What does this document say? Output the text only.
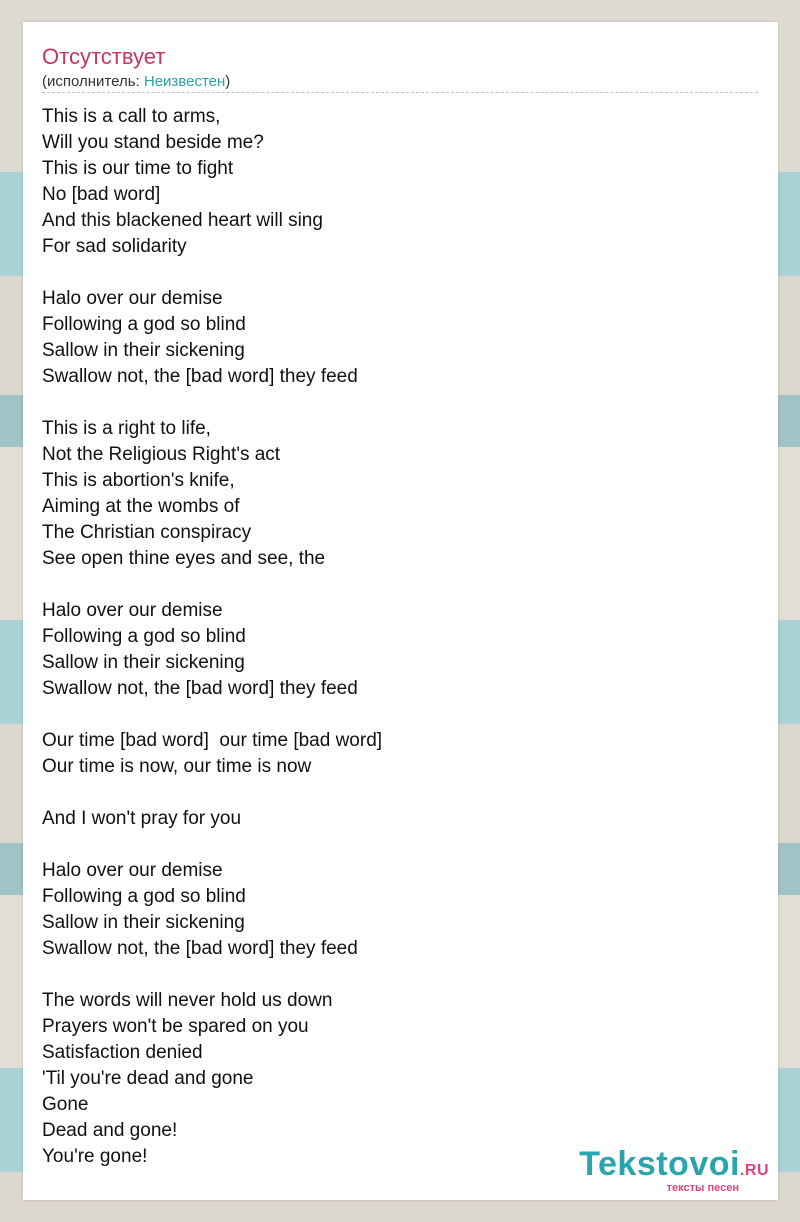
Отсутствует
(исполнитель: Неизвестен)
This is a call to arms,
Will you stand beside me?
This is our time to fight
No [bad word]
And this blackened heart will sing
For sad solidarity
Halo over our demise
Following a god so blind
Sallow in their sickening
Swallow not, the [bad word] they feed
This is a right to life,
Not the Religious Right's act
This is abortion's knife,
Aiming at the wombs of
The Christian conspiracy
See open thine eyes and see, the
Halo over our demise
Following a god so blind
Sallow in their sickening
Swallow not, the [bad word] they feed
Our time [bad word]  our time [bad word]
Our time is now, our time is now
And I won't pray for you
Halo over our demise
Following a god so blind
Sallow in their sickening
Swallow not, the [bad word] they feed
The words will never hold us down
Prayers won't be spared on you
Satisfaction denied
'Til you're dead and gone
Gone
Dead and gone!
You're gone!	Tekstovoi.RU
тексты песен
